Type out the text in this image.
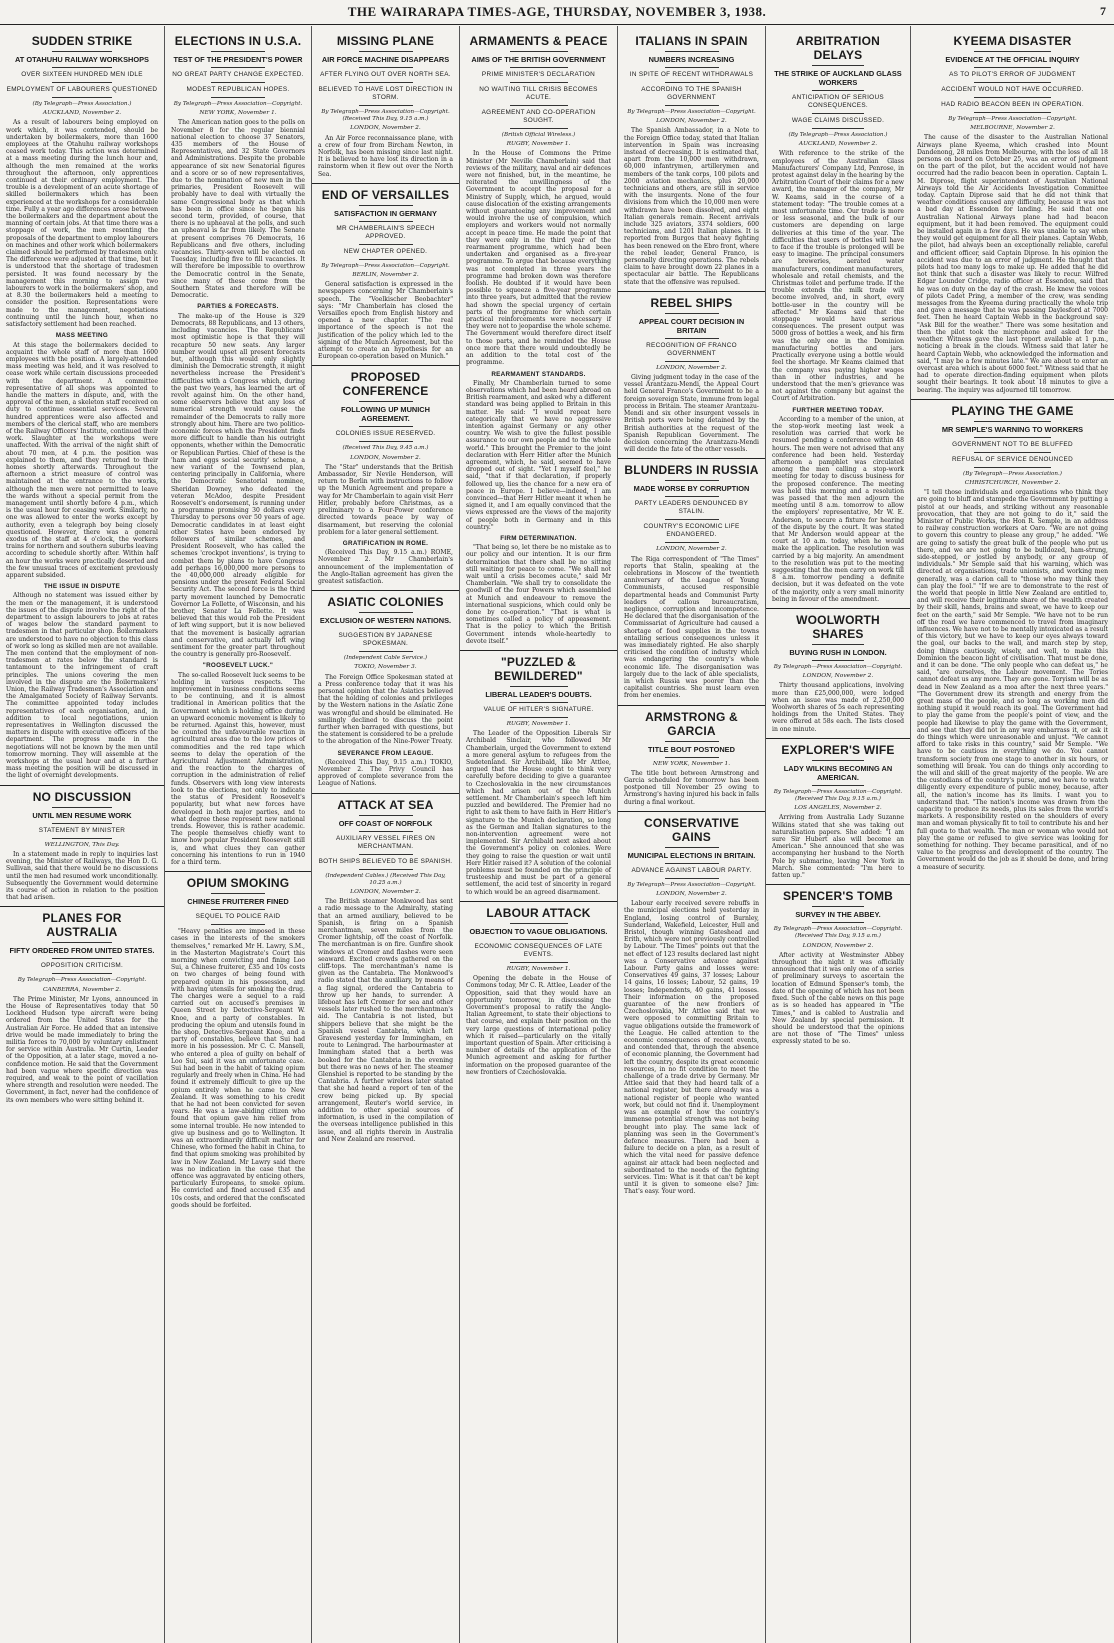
THE WAIRARAPA TIMES-AGE, THURSDAY, NOVEMBER 3, 1938.	7
SUDDEN STRIKE
AT OTAHUHU RAILWAY WORKSHOPS
OVER SIXTEEN HUNDRED MEN IDLE
EMPLOYMENT OF LABOURERS QUESTIONED
(By Telegraph—Press Association.)
AUCKLAND, November 2.

As a result of labourers being employed on work which, it was contended, should be undertaken by boilermakers, more than 1600 employees at the Otahuhu railway workshops ceased work today. This action was determined at a mass meeting during the lunch hour and, although the men remained at the works throughout the afternoon, only apprentices continued at their ordinary employment. The trouble is a development of an acute shortage of skilled boilermakers which has been experienced at the workshops for a considerable time. Fully a year ago differences arose between the boilermakers and the department about the manning of certain jobs. At that time there was a stoppage of work, the men resenting the proposals of the department to employ labourers on machines and other work which boilermakers claimed should be performed by tradesmen only. The difference were adjusted at that time, but it is understood that the shortage of tradesmen persisted. It was found necessary by the management this morning to assign two labourers to work in the boilermakers' shop, and at 8.30 the boilermakers held a meeting to consider the position. Representations were made to the management, negotiations continuing until the lunch hour, when no satisfactory settlement had been reached.

MASS MEETING

At this stage the boilermakers decided to acquaint the whole staff of more than 1600 employees with the position. A largely-attended mass meeting was held, and it was resolved to cease work while certain discussions proceeded with the department. A committee representative of all shops was appointed to handle the matters in dispute, and, with the approval of the men, a skeleton staff received on duty to continue essential services. Several hundred apprentices were also affected and members of the clerical staff, who are members of the Railway Officers' Institute, continued their work. Slaughter at the workshops were unaffected. With the arrival of the night shift of about 70 men, at 4 p.m. the position was explained to them, and they returned to their homes shortly afterwards. Throughout the afternoon a strict measure of control was maintained at the entrance to the works, although the men were not permitted to leave the wards without a special permit from the management until shortly before 4 p.m., which is the usual hour for ceasing work. Similarly, no one was allowed to enter the works except by authority, even a telegraph boy being closely questioned. However, there was a general exodus of the staff at 4 o'clock, the workers trains for northern and southern suburbs leaving according to schedule shortly after. Within half an hour the works were practically deserted and the few unusual traces of excitement previously apparent subsided.

THE ISSUE IN DISPUTE

Although no statement was issued either by the men or the management, it is understood the issues of the dispute involve the right of the department to assign labourers to jobs at rates of wages below the standard payment to tradesmen in that particular shop. Boilermakers are understood to have no objection to this class of work so long as skilled men are not available. The men contend that the employment of non-tradesmen at rates below the standard is tantamount to the infringement of craft principles. The unions covering the men involved in the dispute are the Boilermakers' Union, the Railway Tradesmen's Association and the Amalgamated Society of Railway Servants. The committee appointed today includes representatives of each organisation, and, in addition to local negotiations, union representatives in Wellington discussed the matters in dispute with executive officers of the department. The progress made in the negotiations will not be known by the men until tomorrow morning. They will assemble at the workshops at the usual hour and at a further mass meeting the position will be discussed in the light of overnight developments.

NO DISCUSSION
UNTIL MEN RESUME WORK
STATEMENT BY MINISTER
WELLINGTON, This Day.

In a statement made in reply to inquiries last evening, the Minister of Railways, the Hon D. G. Sullivan, said that there would be no discussions until the men had resumed work unconditionally. Subsequently the Government would determine its course of action in relation to the position that had arisen.

PLANES FOR AUSTRALIA
FIFTY ORDERED FROM UNITED STATES.
OPPOSITION CRITICISM.
By Telegraph—Press Association—Copyright.
CANBERRA, November 2.

The Prime Minister, Mr Lyons, announced in the House of Representatives today that 50 Lockheed Hudson type aircraft were being ordered from the United States for the Australian Air Force. He added that an intensive drive would be made immediately to bring the militia forces to 70,000 by voluntary enlistment for service within Australia. Mr Curtin, Leader of the Opposition, at a later stage, moved a no-confidence motion. He said that the Government had been vague where specific direction was required, and weak to the point of vacillation where strength and resolution were needed. The Government, in fact, never had the confidence of its own members who were sitting behind it.

ELECTIONS IN U.S.A.
TEST OF THE PRESIDENT'S POWER
NO GREAT PARTY CHANGE EXPECTED.
MODEST REPUBLICAN HOPES.
By Telegraph—Press Association—Copyright.
NEW YORK, November 1.

The American nation goes to the polls on November 8 for the regular biennial national election to choose 37 Senators, 435 members of the House of Representatives, and 32 State Governors and Administrations. Despite the probable appearance of six new Senatorial figures and a score or so of new representatives, due to the nomination of new men in the primaries, President Roosevelt will probably have to deal with virtually the same Congressional body as that which has been in office since he began his second term, provided, of course, that there is no upheaval at the polls, and such an upheaval is far from likely. The Senate at present comprises 76 Democrats, 16 Republicans and five others, including vacancies. Thirty-seven will be elected on Tuesday, including five to fill vacancies. It will therefore be impossible to overthrow the Democratic control in the Senate, since many of these come from the Southern States and therefore will be Democratic.

PARTIES & FORECASTS.

The make-up of the House is 329 Democrats, 88 Republicans, and 13 others, including vacancies. The Republicans' most optimistic hope is that they will recapture 50 new seats. Any larger number would upset all present forecasts but, although this would only slightly diminish the Democratic strength, it might nevertheless increase the President's difficulties with a Congress which, during the past two years, has learned the art of revolt against him. On the other hand, some observers believe that any loss of numerical strength would cause the remainder of the Democrats to rally more strongly about him. There are two politico-economic forces which the President finds more difficult to handle than his outright opponents, whether within the Democratic or Republican Parties. Chief of these is the 'ham and eggs social security' scheme, a new variant of the Townsend plan, centering principally in California, where the Democratic Senatorial nominee, Sheridan Downey, who defeated the veteran McAdoo, despite President Roosevelt's endorsement, is running under a programme promising 30 dollars every Thursday to persons over 50 years of age. Democratic candidates in at least eight other States have been endorsed by followers of similar schemes, and President Roosevelt, who has called the schemes 'crockpot inventions', is trying to combat them by plans to have Congress add perhaps 16,000,000 more persons to the 40,000,000 already eligible for pensions under the present Federal Social Security Act. The second force is the third party movement launched by Democratic Governor La Follette, of Wisconsin, and his brother, Senator La Follette. It was believed that this would rob the President of left wing support, but it is now believed that the movement is basically agrarian and conservative, and actually left wing sentiment for the greater part throughout the country is generally pro-Roosevelt.

"ROOSEVELT LUCK."

The so-called Roosevelt luck seems to be holding in various respects. The improvement in business conditions seems to be continuing, and it is almost traditional in American politics that the Government which is holding office during an upward economic movement is likely to be returned. Against this, however, must be counted the unfavourable reaction in agricultural areas due to the low prices of commodities and the red tape which seems to delay the operation of the Agricultural Adjustment Administration, and the reaction to the charges of corruption in the administration of relief funds. Observers with long view interests look to the elections, not only to indicate the status of President Roosevelt's popularity, but what new forces have developed in both major parties, and to what degree these represent new national trends. However, this is rather academic. The people themselves chiefly want to know how popular President Roosevelt still is, and what clues they can gather concerning his intentions to run in 1940 for a third term.

OPIUM SMOKING
CHINESE FRUITERER FINED
SEQUEL TO POLICE RAID

"Heavy penalties are imposed in these cases in the interests of the smokers themselves," remarked Mr H. Lawry, S.M., in the Masterton Magistrate's Court this morning when convicting and fining Loo Sui, a Chinese fruiterer, £35 and 10s costs on two charges of being found with prepared opium in his possession, and with having utensils for smoking the drug. The charges were a sequel to a raid carried out on accused's premises in Queen Street by Detective-Sergeant W. Knoe, and a party of constables. In producing the opium and utensils found in the shop, Detective-Sergeant Knoe, and a party of constables, believe that Sui had more in his possession. Mr C. C. Mansell, who entered a plea of guilty on behalf of Loo Sui, said it was an unfortunate case. Sui had been in the habit of taking opium regularly and freely when in China. He had found it extremely difficult to give up the opium entirely when he came to New Zealand. It was something to his credit that he had not been convicted for seven years. He was a law-abiding citizen who found that opium gave him relief from some internal trouble. He now intended to give up business and go to Wellington. It was an extraordinarily difficult matter for Chinese, who formed the habit in China, to find that opium smoking was prohibited by law in New Zealand. Mr Lawry said there was no indication in the case that the offence was aggravated by enticing others, particularly Europeans, to smoke opium. He convicted and fined accused £35 and 10s costs, and ordered that the confiscated goods should be forfeited.

MISSING PLANE
AIR FORCE MACHINE DISAPPEARS
AFTER FLYING OUT OVER NORTH SEA.
BELIEVED TO HAVE LOST DIRECTION IN STORM.
By Telegraph—Press Association—Copyright. (Received This Day, 9.15 a.m.)
LONDON, November 2.

An Air Force reconnaissance plane, with a crew of four from Bircham Newton, in Norfolk, has been missing since last night. It is believed to have lost its direction in a rainstorm when it flew out over the North Sea.

END OF VERSAILLES
SATISFACTION IN GERMANY
MR CHAMBERLAIN'S SPEECH APPROVED.
NEW CHAPTER OPENED.
By Telegraph—Press Association—Copyright.
BERLIN, November 2.

General satisfaction is expressed in the newspapers concerning Mr Chamberlain's speech. The "Voelkischer Beobachter" says: "Mr Chamberlain has closed the Versailles epoch from English history and opened a new chapter. "The real importance of the speech is not the justification of the policy which led to the signing of the Munich Agreement, but the attempt to create an hypothesis for an European co-operation based on Munich."

PROPOSED CONFERENCE
FOLLOWING UP MUNICH AGREEMENT.
COLONIES ISSUE RESERVED.
(Received This Day, 9.45 a.m.)
LONDON, November 2.

The "Star" understands that the British Ambassador, Sir Nevile Henderson, will return to Berlin with instructions to follow up the Munich Agreement and prepare a way for Mr Chamberlain to again visit Herr Hitler, probably before Christmas, as a preliminary to a Four-Power conference directed towards peace by way of disarmament, but reserving the colonial problem for a later general settlement.

GRATIFICATION IN ROME.

(Received This Day, 9.15 a.m.) ROME, November 2. Mr Chamberlain's announcement of the implementation of the Anglo-Italian agreement has given the greatest satisfaction.

ASIATIC COLONIES
EXCLUSION OF WESTERN NATIONS.
SUGGESTION BY JAPANESE SPOKESMAN.
(Independent Cable Service.)
TOKIO, November 3.

The Foreign Office Spokesman stated at a Press conference today that it was his personal opinion that the Asiatics believed that the holding of colonies and privileges by the Western nations in the Asiatic Zone was wrongful and should be eliminated. He smilingly declined to discuss the point further when barraged with questions, but the statement is considered to be a prelude to the abrogation of the Nine-Power Treaty.

SEVERANCE FROM LEAGUE.

(Received This Day, 9.15 a.m.) TOKIO, November 2. The Privy Council has approved of complete severance from the League of Nations.

ATTACK AT SEA
OFF COAST OF NORFOLK
AUXILIARY VESSEL FIRES ON MERCHANTMAN.
BOTH SHIPS BELIEVED TO BE SPANISH.
(Independent Cables.) (Received This Day, 10.25 a.m.)
LONDON, November 2.

The British steamer Monkwood has sent a radio message to the Admiralty, stating that an armed auxiliary, believed to be Spanish, is firing on a Spanish merchantman, seven miles from the Cromer lightship, off the coast of Norfolk. The merchantman is on fire. Gunfire shook windows at Cromer and flashes were seen seaward. Excited crowds gathered on the cliff-tops. The merchantman's name is given as the Cantabria. The Monkwood's radio stated that the auxiliary, by means of a flag signal, ordered the Cantabria to throw up her hands, to surrender. A lifeboat has left Cromer for sea and other vessels later rushed to the merchantman's aid. The Cantabria is not listed, but shippers believe that she might be the Spanish vessel Cantabria, which left Gravesend yesterday for Immingham, en route to Leningrad. The harbourmaster at Immingham stated that a berth was booked for the Cantabria in the evening but there was no news of her. The steamer Glenshiel is reported to be standing by the Cantabria. A further wireless later stated that she had heard a report of ten of the crew being picked up. By special arrangement, Reuter's world service, in addition to other special sources of information, is used in the compilation of the overseas intelligence published in this issue, and all rights therein in Australia and New Zealand are reserved.

ARMAMENTS & PEACE
AIMS OF THE BRITISH GOVERNMENT
PRIME MINISTER'S DECLARATION
NO WAITING TILL CRISIS BECOMES ACUTE.
AGREEMENT AND CO-OPERATION SOUGHT.
(British Official Wireless.)
RUGBY, November 1.

In the House of Commons the Prime Minister (Mr Neville Chamberlain) said that reviews of the military, naval and air defences were not finished, but, in the meantime, he reiterated the unwillingness of the Government to accept the proposal for a Ministry of Supply, which, he argued, would cause dislocation of the existing arrangements without guaranteeing any improvement and would involve the use of compulsion, which employers and workers would not normally accept in peace time. He made the point that they were only in the third year of the rearmament programme, which had been undertaken and organised as a five-year programme. To argue that because everything was not completed in three years the programme had broken down was therefore foolish. He doubted if it would have been possible to squeeze a five-year programme into three years, but admitted that the review had shown the special urgency of certain parts of the programme for which certain practical reinforcements were necessary if they were not to jeopardise the whole scheme. The Government would therefore direct itself to those parts, and he reminded the House once more that there would undoubtedly be an addition to the total cost of the programme.

REARMAMENT STANDARDS.

Finally, Mr Chamberlain turned to some observations which had been heard abroad on British rearmament, and asked why a different standard was being applied to Britain in this matter. He said: "I would repeat here categorically that we have no aggressive intention against Germany or any other country. We wish to give the fullest possible assurance to our own people and to the whole world." This brought the Premier to the joint declaration with Herr Hitler after the Munich agreement, which, he said, seemed to have dropped out of sight. "Yet I myself feel," he said, "that if that declaration, if properly followed up, lies the chance for a new era of peace in Europe. I believe—indeed, I am convinced—that Herr Hitler meant it when he signed it, and I am equally convinced that the views expressed are the views of the majority of people both in Germany and in this country."

FIRM DETERMINATION.

"That being so, let there be no mistake as to our policy and our intention. It is our firm determination that there shall be no sitting still waiting for peace to come. "We shall not wait until a crisis becomes acute," said Mr Chamberlain. "We shall try to consolidate the goodwill of the four Powers which assembled at Munich and endeavour to remove the international suspicions, which could only be done by co-operation." "That is what is sometimes called a policy of appeasement. That is the policy to which the British Government intends whole-heartedly to devote itself."

"PUZZLED & BEWILDERED"
LIBERAL LEADER'S DOUBTS.
VALUE OF HITLER'S SIGNATURE.
RUGBY, November 1.

The Leader of the Opposition Liberals Sir Archibald Sinclair, who followed Mr Chamberlain, urged the Government to extend a more general asylum to refugees from the Sudetenland. Sir Archibald, like Mr Attlee, argued that the House ought to think very carefully before deciding to give a guarantee to Czechoslovakia in the new circumstances which had arisen out of the Munich settlement. Mr Chamberlain's speech left him puzzled and bewildered. The Premier had no right to ask them to have faith in Herr Hitler's signature to the Munich declaration, so long as the German and Italian signatures to the non-intervention agreement were not implemented. Sir Archibald next asked about the Government's policy on colonies. Were they going to raise the question or wait until Herr Hitler raised it? A solution of the colonial problems must be founded on the principle of trusteeship and must be part of a general settlement, the acid test of sincerity in regard to which would be an agreed disarmament.

LABOUR ATTACK
OBJECTION TO VAGUE OBLIGATIONS.
ECONOMIC CONSEQUENCES OF LATE EVENTS.
RUGBY, November 1.

Opening the debate in the House of Commons today, Mr C. R. Attlee, Leader of the Opposition, said that they would have an opportunity tomorrow, in discussing the Government's proposal to ratify the Anglo-Italian Agreement, to state their objections to that course, and explain their position on the very large questions of international policy which it raised—particularly on the vitally important question of Spain. After criticising a number of details of the application of the Munich agreement and asking for further information on the proposed guarantee of the new frontiers of Czechoslovakia.

ITALIANS IN SPAIN
NUMBERS INCREASING
IN SPITE OF RECENT WITHDRAWALS
ACCORDING TO THE SPANISH GOVERNMENT
By Telegraph—Press Association—Copyright.
LONDON, November 2.

The Spanish Ambassador, in a Note to the Foreign Office today, stated that Italian intervention in Spain was increasing instead of decreasing. It is estimated that, apart from the 10,000 men withdrawn, 60,000 infantrymen, artillerymen and members of the tank corps, 100 pilots and 2000 aviation mechanics, plus 20,000 technicians and others, are still in service with the insurgents. None of the four divisions from which the 10,000 men were withdrawn have been dissolved, and eight Italian generals remain. Recent arrivals include 325 aviators, 3374 soldiers, 600 technicians, and 1201 Italian planes. It is reported from Burgos that heavy fighting has been renewed on the Ebro front, where the rebel leader, General Franco, is personally directing operations. The rebels claim to have brought down 22 planes in a spectacular air battle. The Republicans state that the offensive was repulsed.

REBEL SHIPS
APPEAL COURT DECISION IN BRITAIN
RECOGNITION OF FRANCO GOVERNMENT
LONDON, November 2.

Giving judgment today in the case of the vessel Arantzazu-Mendi, the Appeal Court held General Franco's Government to be a foreign sovereign State, immune from legal process in Britain. The steamer Arantzazu-Mendi and six other insurgent vessels in British ports were being detained by the British authorities at the request of the Spanish Republican Government. The decision concerning the Arantzazu-Mendi will decide the fate of the other vessels.

BLUNDERS IN RUSSIA
MADE WORSE BY CORRUPTION
PARTY LEADERS DENOUNCED BY STALIN.
COUNTRY'S ECONOMIC LIFE ENDANGERED.
LONDON, November 2.

The Riga correspondent of "The Times" reports that Stalin, speaking at the celebrations in Moscow of the twentieth anniversary of the League of Young Communists, accused responsible departmental heads and Communist Party leaders of callous bureaucratism, negligence, corruption and incompetence. He declared that the disorganisation of the Commissariat of Agriculture had caused a shortage of food supplies in the towns entailing serious consequences unless it was immediately righted. He also sharply criticised the condition of industry which was endangering the country's whole economic life. The disorganisation was largely due to the lack of able specialists, in which Russia was poorer than the capitalist countries. She must learn even from her enemies.

ARMSTRONG & GARCIA
TITLE BOUT POSTONED
NEW YORK, November 1.

The title bout between Armstrong and Garcia scheduled for tomorrow has been postponed till November 25 owing to Armstrong's having injured his back in falls during a final workout.

CONSERVATIVE GAINS
MUNICIPAL ELECTIONS IN BRITAIN.
ADVANCE AGAINST LABOUR PARTY.
By Telegraph—Press Association—Copyright.
LONDON, November 2.

Labour early received severe rebuffs in the municipal elections held yesterday in England, losing control of Burnley, Sunderland, Wakefield, Leicester, Hull and Bristol, though winning Gateshead and Erith, which were not previously controlled by Labour. "The Times" points out that the net effect of 123 results declared last night was a Conservative advance against Labour. Party gains and losses were: Conservatives 49 gains, 37 losses; Labour 14 gains, 16 losses; Labour, 52 gains, 19 losses; Independents, 40 gains, 41 losses. Their information on the proposed guarantee of the new frontiers of Czechoslovakia, Mr Attlee said that we were opposed to committing Britain to vague obligations outside the framework of the League. He called attention to the economic consequences of recent events, and contended that, through the absence of economic planning, the Government had left the country, despite its great economic resources, in no fit condition to meet the challenge of a trade drive by Germany. Mr Attlee said that they had heard talk of a national register, but there already was a national register of people who wanted work, but could not find it. Unemployment was an example of how the country's immense potential strength was not being brought into play. The same lack of planning was seen in the Government's defence measures. There had been a failure to decide on a plan, as a result of which the vital need for passive defence against air attack had been neglected and subordinated to the needs of the fighting services. Tim: What is it that can't be kept until it is given to someone else? Jim: That's easy. Your word.

ARBITRATION DELAYS
THE STRIKE OF AUCKLAND GLASS WORKERS
ANTICIPATION OF SERIOUS CONSEQUENCES.
WAGE CLAIMS DISCUSSED.
(By Telegraph—Press Association.)
AUCKLAND, November 2.

With reference to the strike of the employees of the Australian Glass Manufacturers' Company Ltd, Penrose, in protest against delay in the hearing by the Arbitration Court of their claims for a new award, the manager of the company, Mr W. Keams, said in the course of a statement today: "The trouble comes at a most unfortunate time. Our trade is more or less seasonal, and the bulk of our customers are depending on large deliveries at this time of the year. The difficulties that users of bottles will have to face if the trouble is prolonged will be easy to imagine. The principal consumers are breweries, aerated water manufacturers, condiment manufacturers, wholesale and retail chemists, and the Christmas toilet and perfume trade. If the trouble extends the milk trade will become involved, and, in short, every bottle-user in the country will be affected." Mr Keams said that the stoppage would have serious consequences. The present output was 5000 gross of bottles a week, and his firm was the only one in the Dominion manufacturing bottles and jars. Practically everyone using a bottle would feel the shortage. Mr Keams claimed that the company was paying higher wages than in other industries, and he understood that the men's grievance was not against the company but against the Court of Arbitration.

FURTHER MEETING TODAY.

According to a member of the union, at the stop-work meeting last week a resolution was carried that work be resumed pending a conference within 48 hours. The men were not advised that any conference had been held. Yesterday afternoon a pamphlet was circulated among the men calling a stop-work meeting for today to discuss business for the proposed conference. The meeting was held this morning and a resolution was passed that the men adjourn the meeting until 8 a.m. tomorrow to allow the employers' representative, Mr W. E. Anderson, to secure a fixture for hearing of the dispute by the court. It was stated that Mr Anderson would appear at the court at 10 a.m. today, when he would make the application. The resolution was carried by a big majority. An amendment to the resolution was put to the meeting suggesting that the men carry on work till 8 a.m. tomorrow pending a definite decision, but it was defeated on the vote of the majority, only a very small minority being in favour of the amendment.

WOOLWORTH SHARES
BUYING RUSH IN LONDON.
By Telegraph—Press Association—Copyright.
LONDON, November 2.

Thirty thousand applications, involving more than £25,000,000, were lodged when an issue was made of 2,250,000 Woolworth shares of 5s each representing holdings from the United States. They were offered at 58s each. The lists closed in one minute.

EXPLORER'S WIFE
LADY WILKINS BECOMING AN AMERICAN.
By Telegraph—Press Association—Copyright. (Received This Day, 9.15 a.m.)
LOS ANGELES, November 2.

Arriving from Australia Lady Suzanne Wilkins stated that she was taking out naturalisation papers. She added: "I am sure Sir Hubert also will become an American." She announced that she was accompanying her husband to the North Pole by submarine, leaving New York in March. She commented: "I'm here to fatten up."

SPENCER'S TOMB
SURVEY IN THE ABBEY.
By Telegraph—Press Association—Copyright. (Received This Day, 9.15 a.m.)
LONDON, November 2.

After activity at Westminster Abbey throughout the night it was officially announced that it was only one of a series of preliminary surveys to ascertain the location of Edmund Spenser's tomb, the date of the opening of which has not been fixed. Such of the cable news on this page as is so headed has appeared in "The Times," and is cabled to Australia and New Zealand by special permission. It should be understood that the opinions are not those of "The Times" unless expressly stated to be so.

KYEEMA DISASTER
EVIDENCE AT THE OFFICIAL INQUIRY
AS TO PILOT'S ERROR OF JUDGMENT
ACCIDENT WOULD NOT HAVE OCCURRED.
HAD RADIO BEACON BEEN IN OPERATION.
By Telegraph—Press Association—Copyright.
MELBOURNE, November 2.

The cause of the disaster to the Australian National Airways plane Kyeema, which crashed into Mount Dandenong, 28 miles from Melbourne, with the loss of all 18 persons on board on October 25, was an error of judgment on the part of the pilot, but the accident would not have occurred had the radio beacon been in operation. Captain L. M. Diprose, flight superintendent of Australian National Airways told the Air Accidents Investigation Committee today. Captain Diprose said that he did not think that weather conditions caused any difficulty, because it was not a bad day at Essendon for landing. He said that one Australian National Airways plane had had beacon equipment, but it had been removed. The equipment could be installed again in a few days. He was unable to say when they would get equipment for all their planes. Captain Webb, the pilot, had always been an exceptionally reliable, careful and efficient officer, said Captain Diprose. In his opinion the accident was due to an error of judgment. He thought that pilots had too many logs to make up. He added that he did not think that such a disaster was likely to recur. Wilfred Edgar Lounder Cridge, radio officer at Essendon, said that he was on duty on the day of the crash. He knew the voices of pilots Cadet Pring, a member of the crew, was sending messages from the Kyeema during practically the whole trip and gave a message that he was passing Daylesford at 7000 feet. Then he heard Captain Webb in the background say: "Ask Bill for the weather." There was some hesitation and then the pilot took the microphone and asked for the weather. Witness gave the last report available at 1 p.m., noticing a break in the clouds. Witness said that later he heard Captain Webb, who acknowledged the information and said, "I may be a few minutes late." We are about to enter an overcast area which is about 6000 feet." Witness said that he had to operate direction-finding equipment when pilots sought their bearings. It took about 18 minutes to give a bearing. The inquiry was adjourned till tomorrow.

PLAYING THE GAME
MR SEMPLE'S WARNING TO WORKERS
GOVERNMENT NOT TO BE BLUFFED
REFUSAL OF SERVICE DENOUNCED
(By Telegraph—Press Association.)
CHRISTCHURCH, November 2.

"I tell those individuals and organisations who think they are going to bluff and stampede the Government by putting a pistol at our heads, and striking without any reasonable provocation, that they are not going to do it," said the Minister of Public Works, the Hon R. Semple, in an address to railway construction workers at Oaro. "We are not going to govern this country to please any group," he added. "We are going to satisfy the great bulk of the people who put us there, and we are not going to be bulldozed, ham-strung, side-stepped, or jostled by anybody, or any group of individuals." Mr Semple said that his warning, which was directed at organisations, trade unionists, and working men generally, was a clarion call to "those who may think they can play the fool." "If we are to demonstrate to the rest of the world that people in little New Zealand are entitled to, and will receive their legitimate share of the wealth created by their skill, hands, brains and sweat, we have to keep our feet on the earth," said Mr Semple. "We have not to be run off the road we have commenced to travel from imaginary influences. We have not to be mentally intoxicated as a result of this victory, but we have to keep our eyes always toward the goal, our backs to the wall, and march step by step, doing things cautiously, wisely, and well, to make this Dominion the beacon light of civilisation. That must be done, and it can be done. "The only people who can defeat us," he said, "are ourselves, the Labour movement. The Tories cannot defeat us any more. They are gone. Toryism will be as dead in New Zealand as a moa after the next three years." "The Government drew its strength and energy from the great mass of the people, and so long as working men did nothing stupid it would reach its goal. The Government had to play the game from the people's point of view, and the people had likewise to play the game with the Government, and see that they did not in any way embarrass it, or ask it do things which were unreasonable and unjust. "We cannot afford to take risks in this country," said Mr Semple. "We have to be cautious in everything we do. You cannot transform society from one stage to another in six hours, or something will break. You can do things only according to the will and skill of the great majority of the people. We are the custodians of the country's purse, and we have to watch diligently every expenditure of public money, because, after all, the nation's income has its limits. I want you to understand that. "The nation's income was drawn from the capacity to produce its needs, plus its sales from the world's markets. A responsibility rested on the shoulders of every man and woman physically fit to toil to contribute his and her full quota to that wealth. The man or woman who would not play the game or refused to give service was looking for something for nothing. They became parasitical, and of no value to the progress and development of the country. The Government would do the job as it should be done, and bring a measure of security.
